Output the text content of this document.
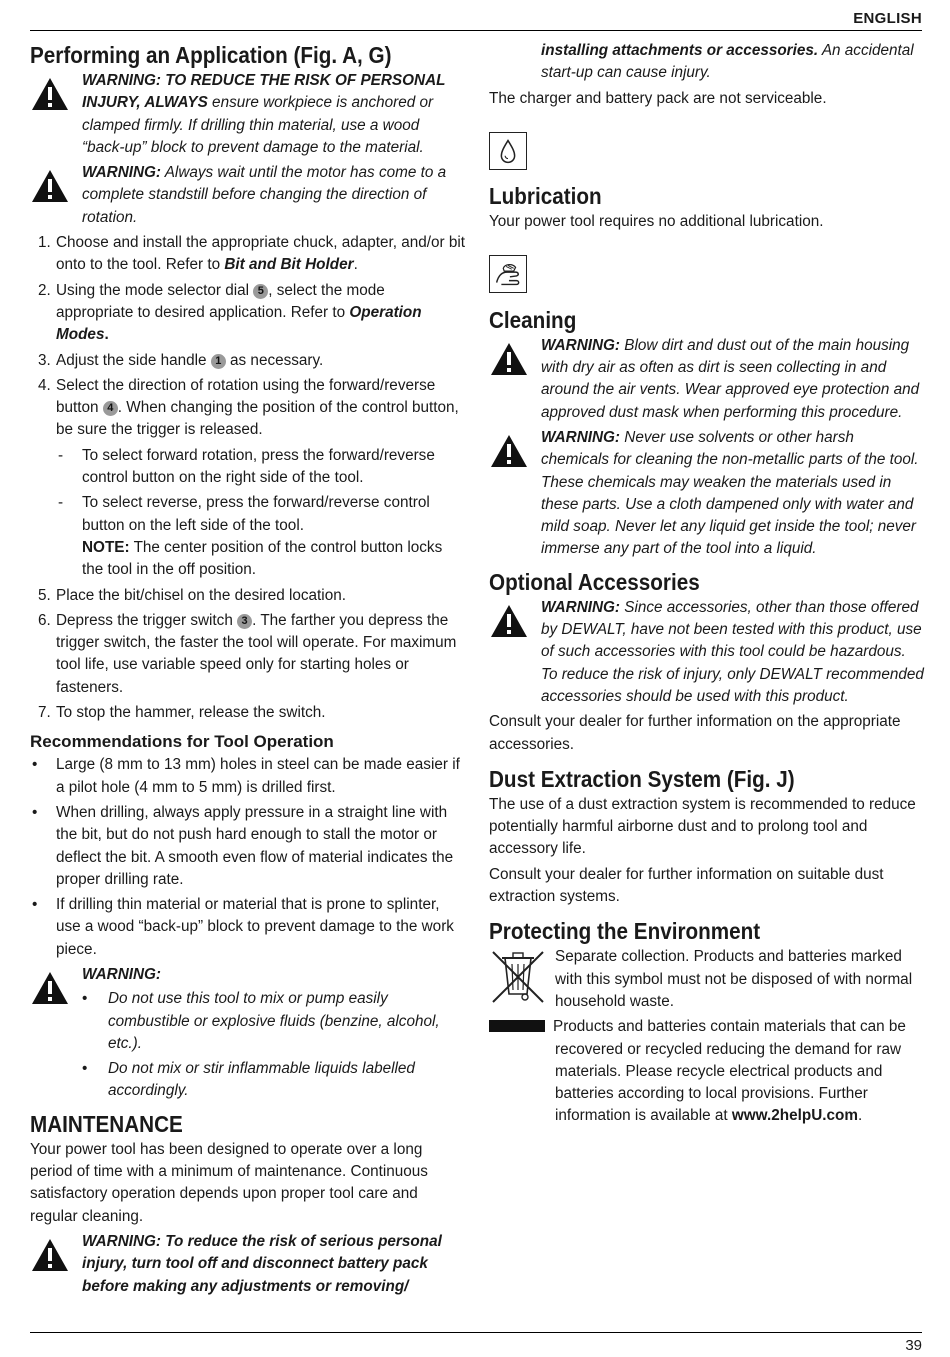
ENGLISH
Performing an Application (Fig. A, G)
WARNING: TO REDUCE THE RISK OF PERSONAL INJURY, ALWAYS ensure workpiece is anchored or clamped firmly. If drilling thin material, use a wood “back‑up” block to prevent damage to the material.
WARNING: Always wait until the motor has come to a complete standstill before changing the direction of rotation.
1. Choose and install the appropriate chuck, adapter, and/or bit onto to the tool. Refer to Bit and Bit Holder.
2. Using the mode selector dial 5 , select the mode appropriate to desired application. Refer to Operation Modes.
3. Adjust the side handle 1 as necessary.
4. Select the direction of rotation using the forward/reverse button 4 . When changing the position of the control button, be sure the trigger is released.
- To select forward rotation, press the forward/reverse control button on the right side of the tool.
- To select reverse, press the forward/reverse control button on the left side of the tool.
NOTE: The center position of the control button locks the tool in the off position.
5. Place the bit/chisel on the desired location.
6. Depress the trigger switch 3 . The farther you depress the trigger switch, the faster the tool will operate. For maximum tool life, use variable speed only for starting holes or fasteners.
7. To stop the hammer, release the switch.
Recommendations for Tool Operation
• Large (8 mm to 13 mm) holes in steel can be made easier if a pilot hole (4 mm to 5 mm) is drilled first.
• When drilling, always apply pressure in a straight line with the bit, but do not push hard enough to stall the motor or deflect the bit. A smooth even flow of material indicates the proper drilling rate.
• If drilling thin material or material that is prone to splinter, use a wood “back‑up” block to prevent damage to the work piece.
WARNING:
• Do not use this tool to mix or pump easily combustible or explosive fluids (benzine, alcohol, etc.).
• Do not mix or stir inflammable liquids labelled accordingly.
MAINTENANCE

Your power tool has been designed to operate over a long period of time with a minimum of maintenance. Continuous satisfactory operation depends upon proper tool care and regular cleaning.

WARNING: To reduce the risk of serious personal injury, turn tool off and disconnect battery pack before making any adjustments or removing/

installing attachments or accessories. An accidental start‑up can cause injury.

The charger and battery pack are not serviceable.

Lubrication

Your power tool requires no additional lubrication.

Cleaning
WARNING: Blow dirt and dust out of the main housing with dry air as often as dirt is seen collecting in and around the air vents. Wear approved eye protection and approved dust mask when performing this procedure.
WARNING: Never use solvents or other harsh chemicals for cleaning the non‑metallic parts of the tool. These chemicals may weaken the materials used in these parts. Use a cloth dampened only with water and mild soap. Never let any liquid get inside the tool; never immerse any part of the tool into a liquid.
Optional Accessories
WARNING: Since accessories, other than those offered by DEWALT, have not been tested with this product, use of such accessories with this tool could be hazardous.
To reduce the risk of injury, only DEWALT recommended accessories should be used with this product.

Consult your dealer for further information on the appropriate accessories.

Dust Extraction System (Fig. J)

The use of a dust extraction system is recommended to reduce potentially harmful airborne dust and to prolong tool and accessory life.

Consult your dealer for further information on suitable dust extraction systems.

Protecting the Environment

Separate collection. Products and batteries marked with this symbol must not be disposed of with normal household waste.

Products and batteries contain materials that can be recovered or recycled reducing the demand for raw materials. Please recycle electrical products and batteries according to local provisions. Further information is available at www.2helpU.com.

39
